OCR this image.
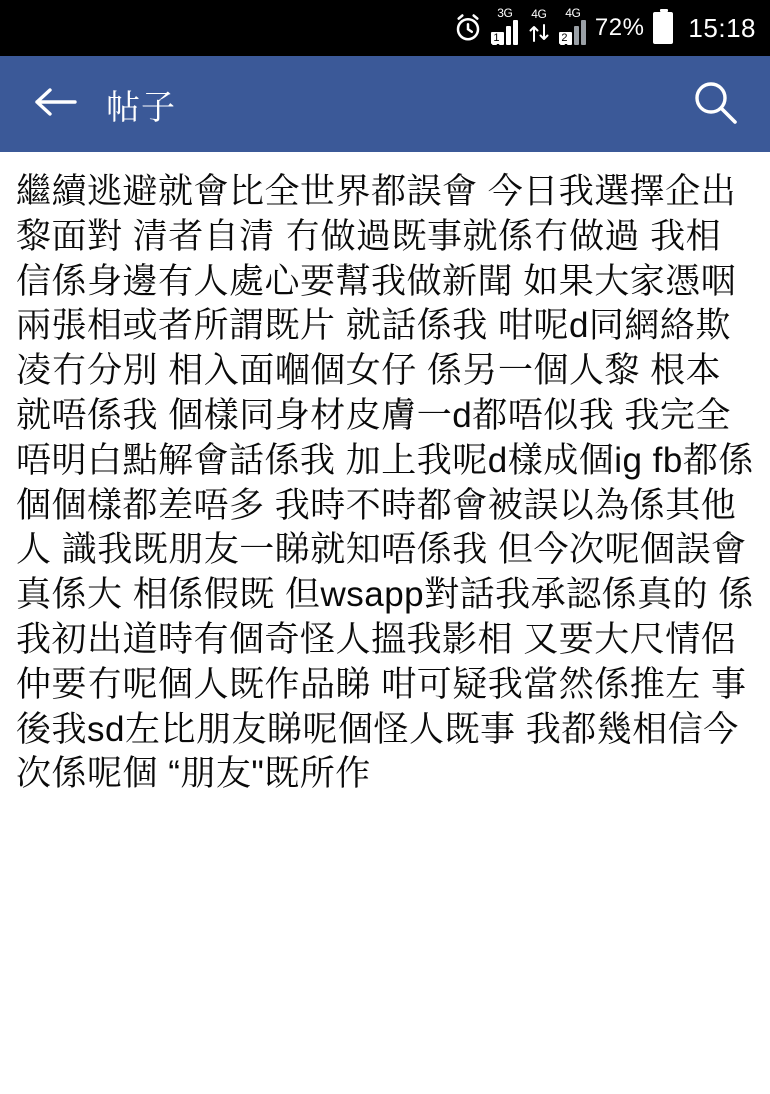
3G
1
4G 4G
2 72% 15:18
帖子

繼續逃避就會比全世界都誤會 今日我選擇企出黎面對 清者自清 冇做過既事就係冇做過 我相信係身邊有人處心要幫我做新聞 如果大家憑咽兩張相或者所謂既片 就話係我 咁呢d同網絡欺凌冇分別 相入面嗰個女仔 係另一個人黎 根本就唔係我 個樣同身材皮膚一d都唔似我 我完全唔明白點解會話係我 加上我呢d樣成個ig fb都係 個個樣都差唔多 我時不時都會被誤以為係其他人 識我既朋友一睇就知唔係我 但今次呢個誤會真係大 相係假既 但wsapp對話我承認係真的 係我初出道時有個奇怪人搵我影相 又要大尺情侶仲要冇呢個人既作品睇 咁可疑我當然係推左 事後我sd左比朋友睇呢個怪人既事 我都幾相信今次係呢個 “朋友"既所作
